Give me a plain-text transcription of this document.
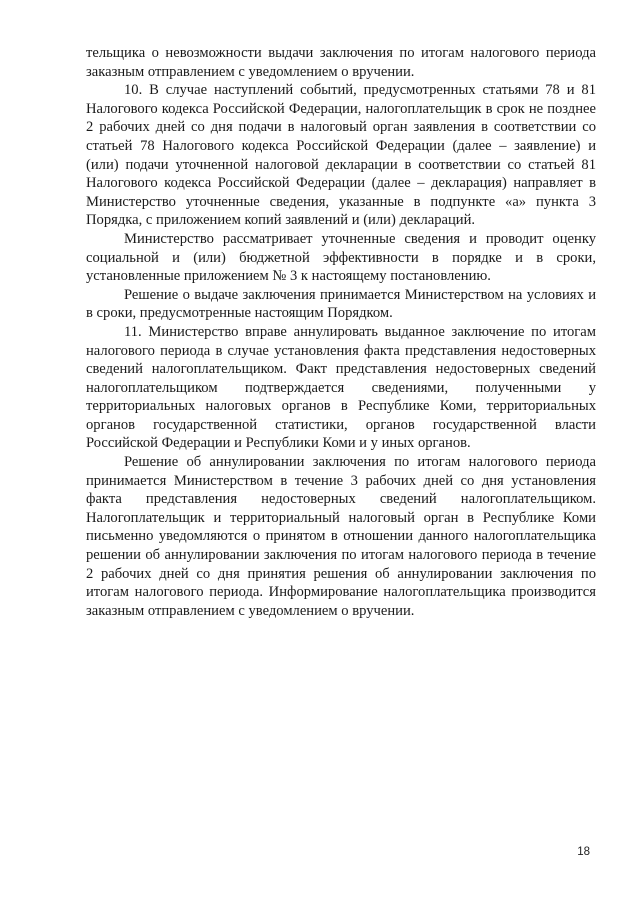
тельщика о невозможности выдачи заключения по итогам налогового периода заказным отправлением с уведомлением о вручении.

10. В случае наступлений событий, предусмотренных статьями 78 и 81 Налогового кодекса Российской Федерации, налогоплательщик в срок не позднее 2 рабочих дней со дня подачи в налоговый орган заявления в соответствии со статьей 78 Налогового кодекса Российской Федерации (далее – заявление) и (или) подачи уточненной налоговой декларации в соответствии со статьей 81 Налогового кодекса Российской Федерации (далее – декларация) направляет в Министерство уточненные сведения, указанные в подпункте «а» пункта 3 Порядка, с приложением копий заявлений и (или) деклараций.

Министерство рассматривает уточненные сведения и проводит оценку социальной и (или) бюджетной эффективности в порядке и в сроки, установленные приложением № 3 к настоящему постановлению.

Решение о выдаче заключения принимается Министерством на условиях и в сроки, предусмотренные настоящим Порядком.

11. Министерство вправе аннулировать выданное заключение по итогам налогового периода в случае установления факта представления недостоверных сведений налогоплательщиком. Факт представления недостоверных сведений налогоплательщиком подтверждается сведениями, полученными у территориальных налоговых органов в Республике Коми, территориальных органов государственной статистики, органов государственной власти Российской Федерации и Республики Коми и у иных органов.

Решение об аннулировании заключения по итогам налогового периода принимается Министерством в течение 3 рабочих дней со дня установления факта представления недостоверных сведений налогоплательщиком. Налогоплательщик и территориальный налоговый орган в Республике Коми письменно уведомляются о принятом в отношении данного налогоплательщика решении об аннулировании заключения по итогам налогового периода в течение 2 рабочих дней со дня принятия решения об аннулировании заключения по итогам налогового периода. Информирование налогоплательщика производится заказным отправлением с уведомлением о вручении.

18
